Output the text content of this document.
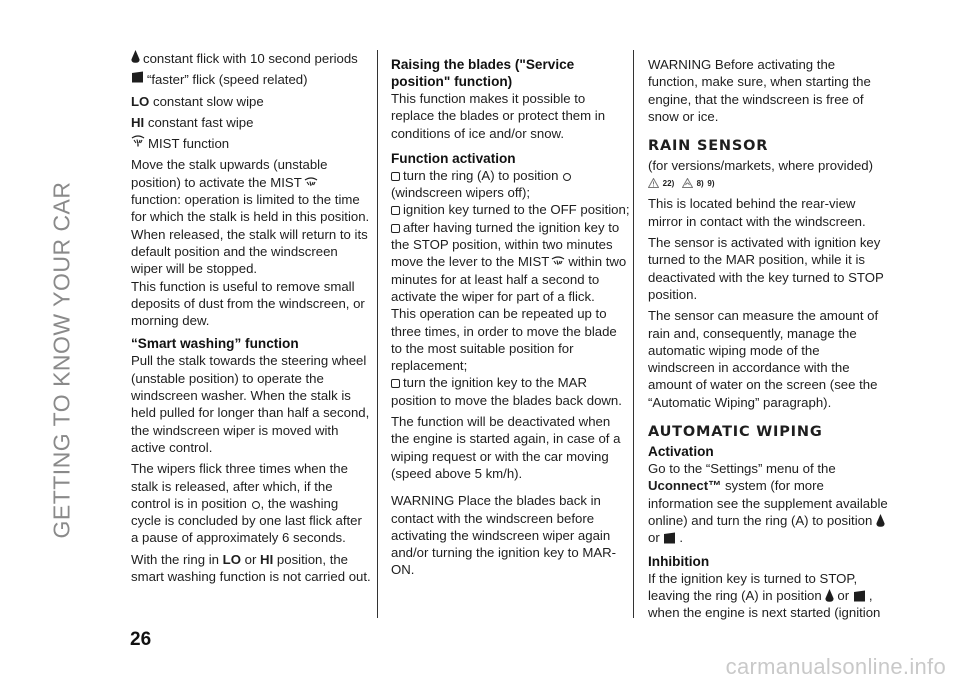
GETTING TO KNOW YOUR CAR
constant flick with 10 second periods
“faster” flick (speed related)

LO constant slow wipe

HI constant fast wipe

MIST function

Move the stalk upwards (unstable position) to activate the MIST function: operation is limited to the time for which the stalk is held in this position. When released, the stalk will return to its default position and the windscreen wiper will be stopped.

This function is useful to remove small deposits of dust from the windscreen, or morning dew.

“Smart washing” function

Pull the stalk towards the steering wheel (unstable position) to operate the windscreen washer. When the stalk is held pulled for longer than half a second, the windscreen wiper is moved with active control.

The wipers flick three times when the stalk is released, after which, if the control is in position , the washing cycle is concluded by one last flick after a pause of approximately 6 seconds.

With the ring in LO or HI position, the smart washing function is not carried out.

Raising the blades ("Service position" function)

This function makes it possible to replace the blades or protect them in conditions of ice and/or snow.

Function activation

turn the ring (A) to position
(windscreen wipers off);

ignition key turned to the OFF position;

after having turned the ignition key to the STOP position, within two minutes move the lever to the MIST within two minutes for at least half a second to activate the wiper for part of a flick.

This operation can be repeated up to three times, in order to move the blade to the most suitable position for replacement;

turn the ignition key to the MAR position to move the blades back down.

The function will be deactivated when the engine is started again, in case of a wiping request or with the car moving (speed above 5 km/h).

WARNING Place the blades back in contact with the windscreen before activating the windscreen wiper again and/or turning the ignition key to MAR-ON.

WARNING Before activating the function, make sure, when starting the engine, that the windscreen is free of snow or ice.

RAIN SENSOR

(for versions/markets, where provided)

22)	8) 9)

This is located behind the rear-view mirror in contact with the windscreen.

The sensor is activated with ignition key turned to the MAR position, while it is deactivated with the key turned to STOP position.

The sensor can measure the amount of rain and, consequently, manage the automatic wiping mode of the windscreen in accordance with the amount of water on the screen (see the “Automatic Wiping” paragraph).

AUTOMATIC WIPING
Activation

Go to the “Settings” menu of the Uconnect™ system (for more information see the supplement available online) and turn the ring (A) to position or .

Inhibition

If the ignition key is turned to STOP, leaving the ring (A) in position or ,
when the engine is next started (ignition

26
carmanualsonline.info
